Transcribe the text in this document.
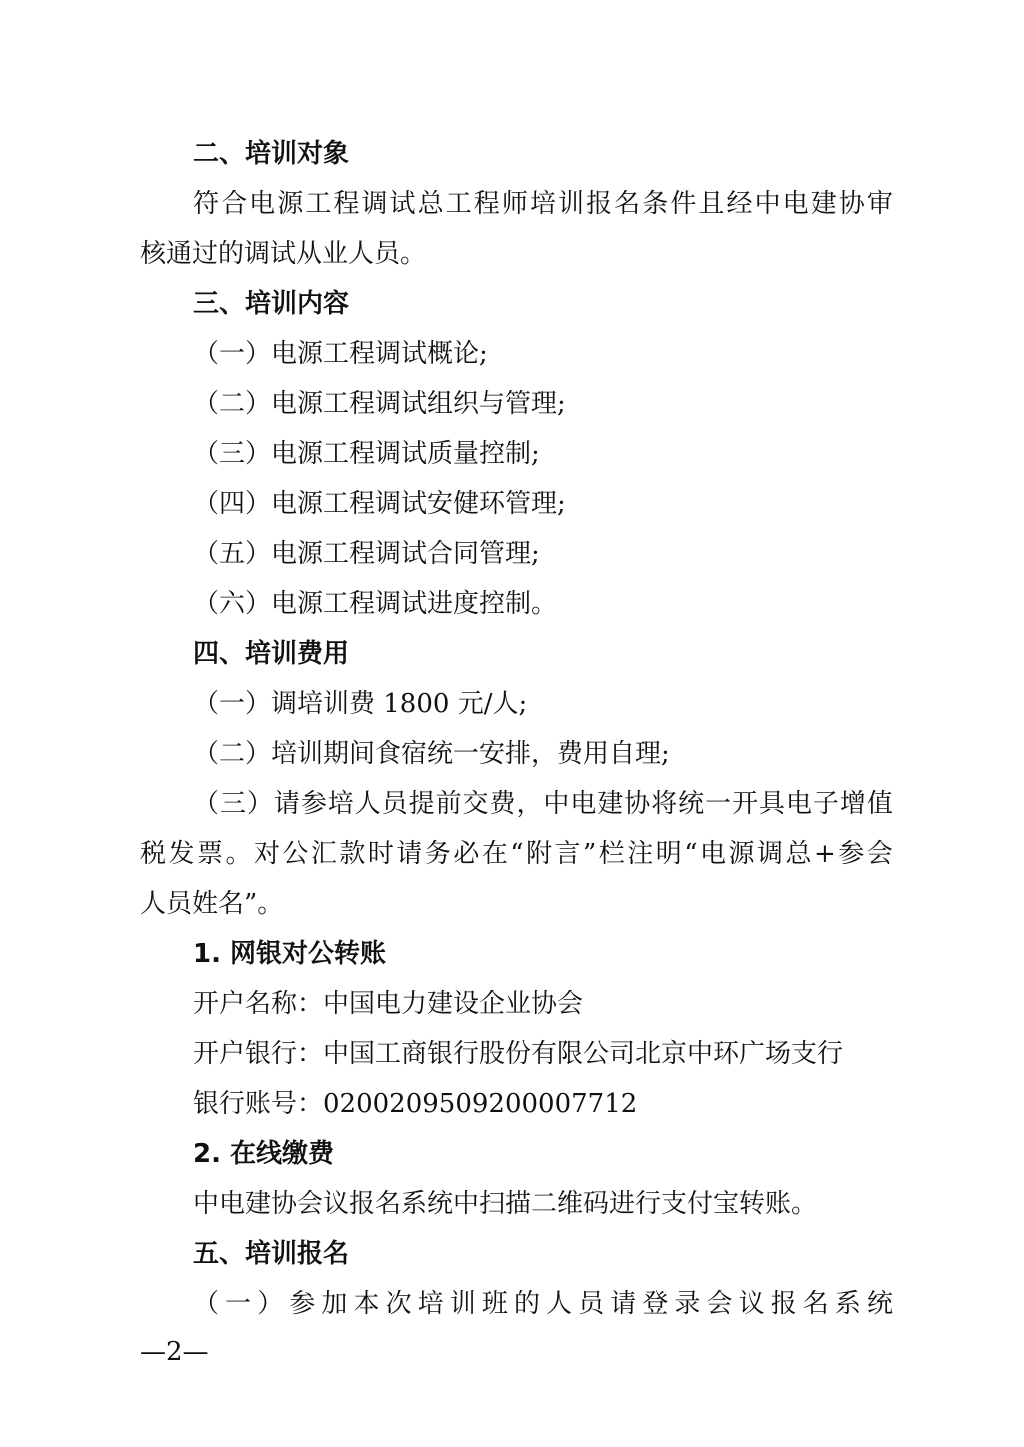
二、培训对象
符 合 电 源 工 程 调 试 总 工 程 师 培 训 报 名 条 件 且 经 中 电 建 协 审
核通过的调试从业人员。
三、培训内容
（一）电源工程调试概论;
（二）电源工程调试组织与管理;
（三）电源工程调试质量控制;
（四）电源工程调试安健环管理;
（五）电源工程调试合同管理;
（六）电源工程调试进度控制。
四、培训费用
（一）调培训费 1800 元/人;
（二）培训期间食宿统一安排，费用自理;
（ 三 ） 请 参 培 人 员 提 前 交 费 ， 中 电 建 协 将 统 一 开 具 电 子 增 值
税 发 票 。 对 公 汇 款 时 请 务 必 在 “ 附 言 ” 栏 注 明 “ 电 源 调 总 + 参 会
人员姓名”。
1. 网银对公转账
开户名称：中国电力建设企业协会
开户银行：中国工商银行股份有限公司北京中环广场支行
银行账号：0200209509200007712
2. 在线缴费
中电建协会议报名系统中扫描二维码进行支付宝转账。
五、培训报名
（ 一 ） 参 加 本 次 培 训 班 的 人 员 请 登 录 会 议 报 名 系 统
—2—
